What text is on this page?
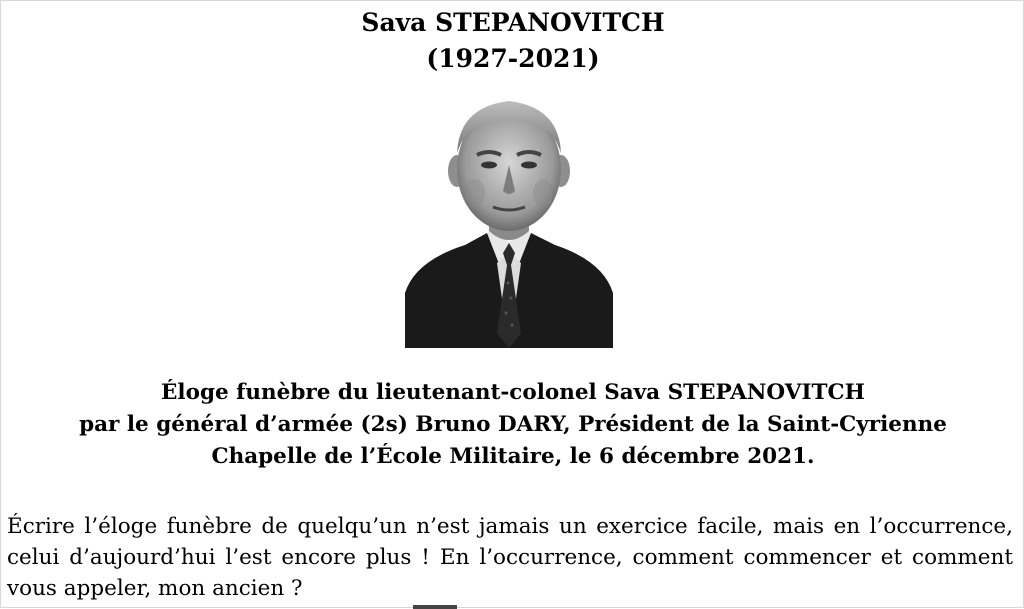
Sava STEPANOVITCH
(1927-2021)
Éloge funèbre du lieutenant-colonel Sava STEPANOVITCH
par le général d’armée (2s) Bruno DARY, Président de la Saint-Cyrienne
Chapelle de l’École Militaire, le 6 décembre 2021.

Écrire l’éloge funèbre de quelqu’un n’est jamais un exercice facile, mais en l’occurrence, celui d’aujourd’hui l’est encore plus ! En l’occurrence, comment commencer et comment vous appeler, mon ancien ?
